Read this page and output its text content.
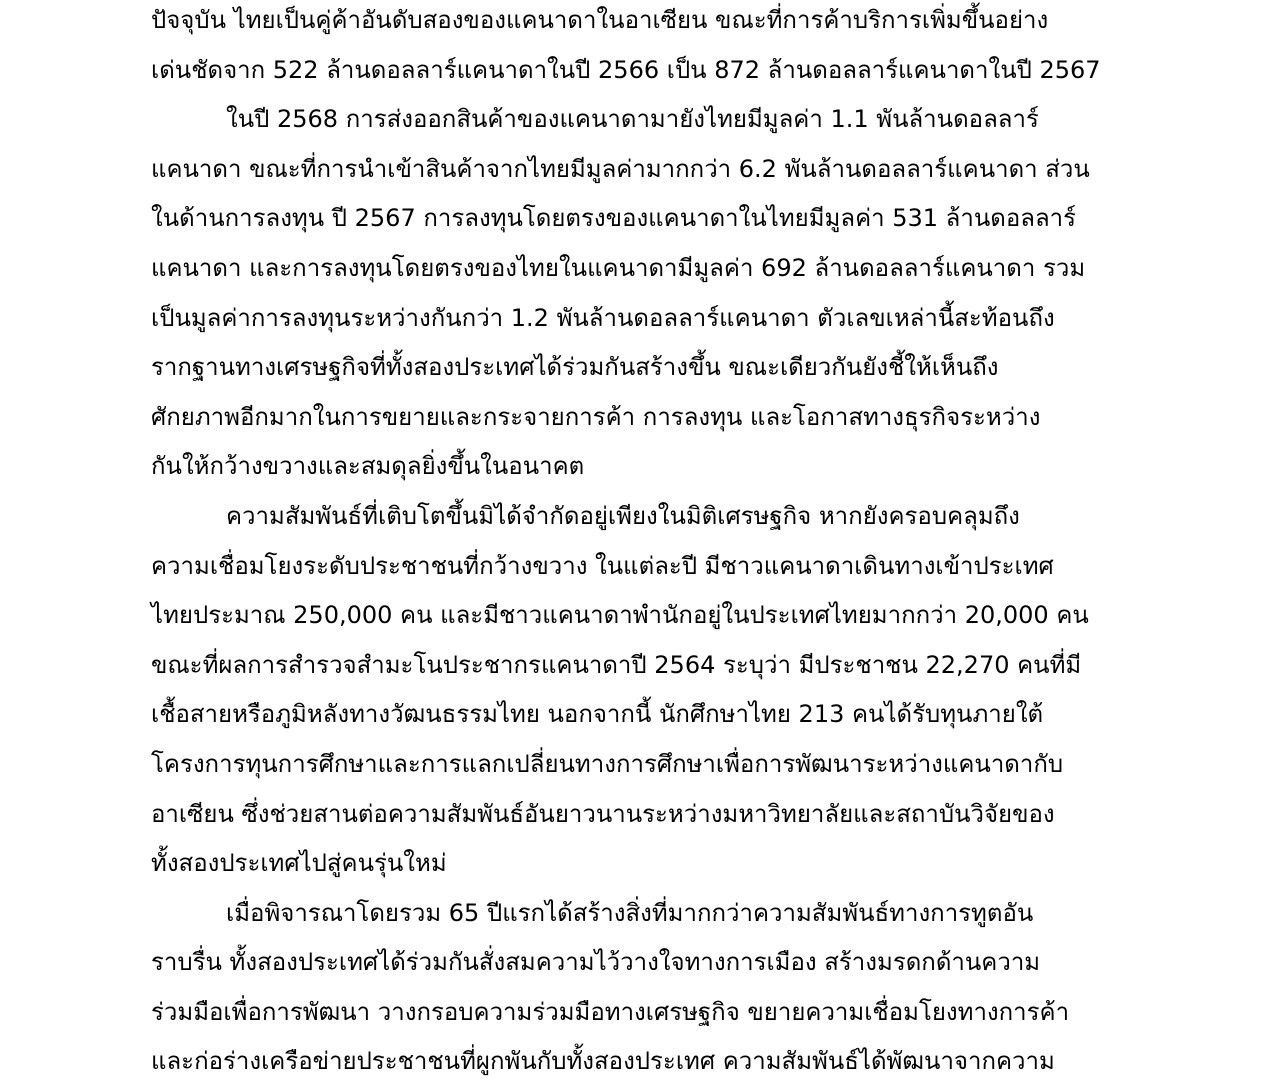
ปัจจุบัน ไทยเป็นคู่ค้าอันดับสองของแคนาดาในอาเซียน ขณะที่การค้าบริการเพิ่มขึ้นอย่าง
เด่นชัดจาก 522 ล้านดอลลาร์แคนาดาในปี 2566 เป็น 872 ล้านดอลลาร์แคนาดาในปี 2567
ในปี 2568 การส่งออกสินค้าของแคนาดามายังไทยมีมูลค่า 1.1 พันล้านดอลลาร์
แคนาดา ขณะที่การนำเข้าสินค้าจากไทยมีมูลค่ามากกว่า 6.2 พันล้านดอลลาร์แคนาดา ส่วน
ในด้านการลงทุน ปี 2567 การลงทุนโดยตรงของแคนาดาในไทยมีมูลค่า 531 ล้านดอลลาร์
แคนาดา และการลงทุนโดยตรงของไทยในแคนาดามีมูลค่า 692 ล้านดอลลาร์แคนาดา รวม
เป็นมูลค่าการลงทุนระหว่างกันกว่า 1.2 พันล้านดอลลาร์แคนาดา ตัวเลขเหล่านี้สะท้อนถึง
รากฐานทางเศรษฐกิจที่ทั้งสองประเทศได้ร่วมกันสร้างขึ้น ขณะเดียวกันยังชี้ให้เห็นถึง
ศักยภาพอีกมากในการขยายและกระจายการค้า การลงทุน และโอกาสทางธุรกิจระหว่าง
กันให้กว้างขวางและสมดุลยิ่งขึ้นในอนาคต
ความสัมพันธ์ที่เติบโตขึ้นมิได้จำกัดอยู่เพียงในมิติเศรษฐกิจ หากยังครอบคลุมถึง
ความเชื่อมโยงระดับประชาชนที่กว้างขวาง ในแต่ละปี มีชาวแคนาดาเดินทางเข้าประเทศ
ไทยประมาณ 250,000 คน และมีชาวแคนาดาพำนักอยู่ในประเทศไทยมากกว่า 20,000 คน
ขณะที่ผลการสำรวจสำมะโนประชากรแคนาดาปี 2564 ระบุว่า มีประชาชน 22,270 คนที่มี
เชื้อสายหรือภูมิหลังทางวัฒนธรรมไทย นอกจากนี้ นักศึกษาไทย 213 คนได้รับทุนภายใต้
โครงการทุนการศึกษาและการแลกเปลี่ยนทางการศึกษาเพื่อการพัฒนาระหว่างแคนาดากับ
อาเซียน ซึ่งช่วยสานต่อความสัมพันธ์อันยาวนานระหว่างมหาวิทยาลัยและสถาบันวิจัยของ
ทั้งสองประเทศไปสู่คนรุ่นใหม่
เมื่อพิจารณาโดยรวม 65 ปีแรกได้สร้างสิ่งที่มากกว่าความสัมพันธ์ทางการทูตอัน
ราบรื่น ทั้งสองประเทศได้ร่วมกันสั่งสมความไว้วางใจทางการเมือง สร้างมรดกด้านความ
ร่วมมือเพื่อการพัฒนา วางกรอบความร่วมมือทางเศรษฐกิจ ขยายความเชื่อมโยงทางการค้า
และก่อร่างเครือข่ายประชาชนที่ผูกพันกับทั้งสองประเทศ ความสัมพันธ์ได้พัฒนาจากความ
